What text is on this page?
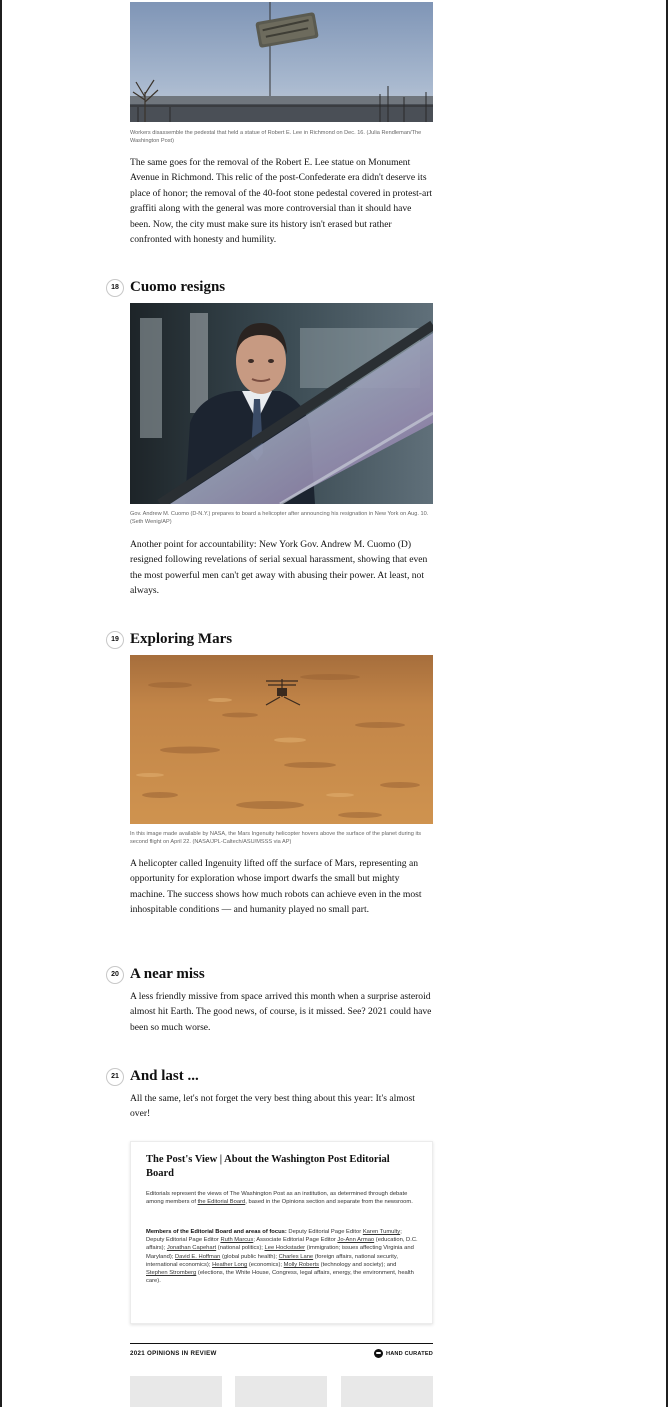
Workers disassemble the pedestal that held a statue of Robert E. Lee in Richmond on Dec. 16. (Julia Rendleman/The Washington Post)
The same goes for the removal of the Robert E. Lee statue on Monument Avenue in Richmond. This relic of the post-Confederate era didn't deserve its place of honor; the removal of the 40-foot stone pedestal covered in protest-art graffiti along with the general was more controversial than it should have been. Now, the city must make sure its history isn't erased but rather confronted with honesty and humility.
18 Cuomo resigns
Gov. Andrew M. Cuomo (D-N.Y.) prepares to board a helicopter after announcing his resignation in New York on Aug. 10. (Seth Wenig/AP)
Another point for accountability: New York Gov. Andrew M. Cuomo (D) resigned following revelations of serial sexual harassment, showing that even the most powerful men can't get away with abusing their power. At least, not always.
19 Exploring Mars
In this image made available by NASA, the Mars Ingenuity helicopter hovers above the surface of the planet during its second flight on April 22. (NASA/JPL-Caltech/ASU/MSSS via AP)
A helicopter called Ingenuity lifted off the surface of Mars, representing an opportunity for exploration whose import dwarfs the small but mighty machine. The success shows how much robots can achieve even in the most inhospitable conditions — and humanity played no small part.
20 A near miss
A less friendly missive from space arrived this month when a surprise asteroid almost hit Earth. The good news, of course, is it missed. See? 2021 could have been so much worse.
21 And last ...
All the same, let's not forget the very best thing about this year: It's almost over!
The Post's View | About the Washington Post Editorial Board
Editorials represent the views of The Washington Post as an institution, as determined through debate among members of the Editorial Board, based in the Opinions section and separate from the newsroom.
Members of the Editorial Board and areas of focus: Deputy Editorial Page Editor Karen Tumulty; Deputy Editorial Page Editor Ruth Marcus; Associate Editorial Page Editor Jo-Ann Armao (education, D.C. affairs); Jonathan Capehart (national politics); Lee Hockstader (immigration; issues affecting Virginia and Maryland); David E. Hoffman (global public health); Charles Lane (foreign affairs, national security, international economics); Heather Long (economics); Molly Roberts (technology and society); and Stephen Stromberg (elections, the White House, Congress, legal affairs, energy, the environment, health care).
2021 OPINIONS IN REVIEW	HAND CURATED
